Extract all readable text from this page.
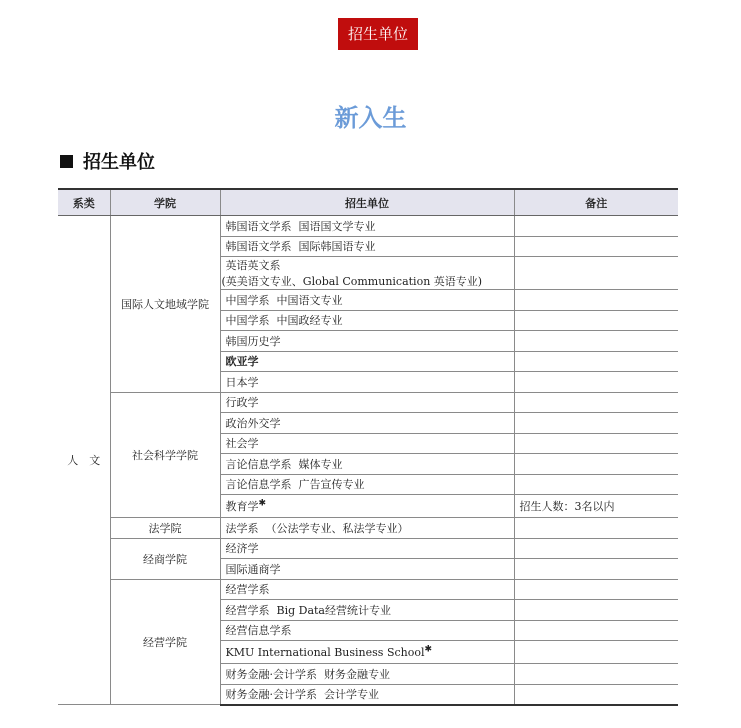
招生单位
新入生
招生单位
系类	学院	招生单位	备注
人　文	国际人文地域学院	韩国语文学系  国语国文学专业	
		韩国语文学系  国际韩国语专业	
		英语英文系
(英美语文专业、Global Communication 英语专业)	
		中国学系  中国语文专业	
		中国学系  中国政经专业	
		韩国历史学	
		欧亚学	
		日本学	
	社会科学学院	行政学	
		政治外交学	
		社会学	
		言论信息学系  媒体专业	
		言论信息学系  广告宣传专业	
		教育学✱	招生人数：3名以内
	法学院	法学系  （公法学专业、私法学专业）	
	经商学院	经济学	
		国际通商学	
	经营学院	经营学系	
		经营学系  Big Data经营统计专业	
		经营信息学系	
		KMU International Business School✱	
		财务金融·会计学系  财务金融专业	
		财务金融·会计学系  会计学专业	
